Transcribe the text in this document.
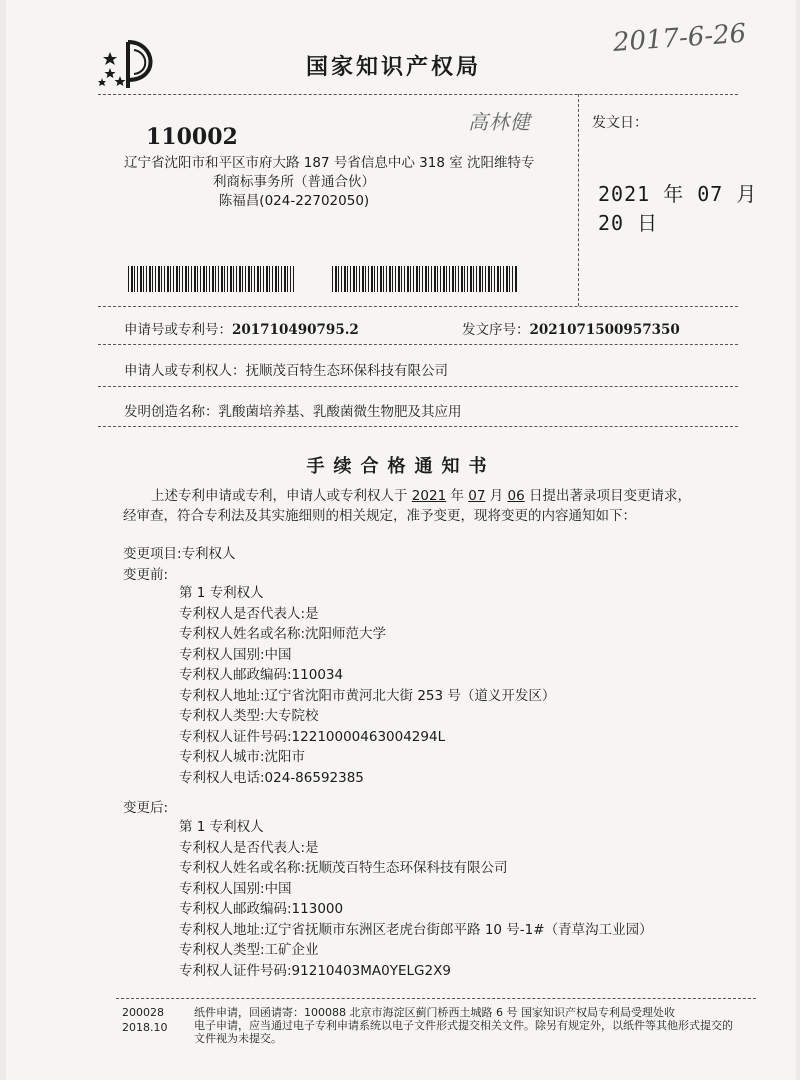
国家知识产权局
2017-6-26
高林健
110002
辽宁省沈阳市和平区市府大路 187 号省信息中心 318 室 沈阳维特专
利商标事务所（普通合伙）
陈福昌(024-22702050)
发文日：
2021 年 07 月 20 日
申请号或专利号：201710490795.2	发文序号：2021071500957350
申请人或专利权人：抚顺茂百特生态环保科技有限公司
发明创造名称：乳酸菌培养基、乳酸菌微生物肥及其应用
手续合格通知书
上述专利申请或专利，申请人或专利权人于 2021 年 07 月 06 日提出著录项目变更请求，经审查，符合专利法及其实施细则的相关规定，准予变更，现将变更的内容通知如下：
变更项目:专利权人
变更前:
第 1 专利权人
专利权人是否代表人:是
专利权人姓名或名称:沈阳师范大学
专利权人国别:中国
专利权人邮政编码:110034
专利权人地址:辽宁省沈阳市黄河北大街 253 号（道义开发区）
专利权人类型:大专院校
专利权人证件号码:12210000463004294L
专利权人城市:沈阳市
专利权人电话:024-86592385
变更后:
第 1 专利权人
专利权人是否代表人:是
专利权人姓名或名称:抚顺茂百特生态环保科技有限公司
专利权人国别:中国
专利权人邮政编码:113000
专利权人地址:辽宁省抚顺市东洲区老虎台街郎平路 10 号-1#（青草沟工业园）
专利权人类型:工矿企业
专利权人证件号码:91210403MA0YELG2X9
200028
2018.10
纸件申请，回函请寄：100088 北京市海淀区蓟门桥西土城路 6 号 国家知识产权局专利局受理处收
电子申请，应当通过电子专利申请系统以电子文件形式提交相关文件。除另有规定外，以纸件等其他形式提交的
文件视为未提交。
